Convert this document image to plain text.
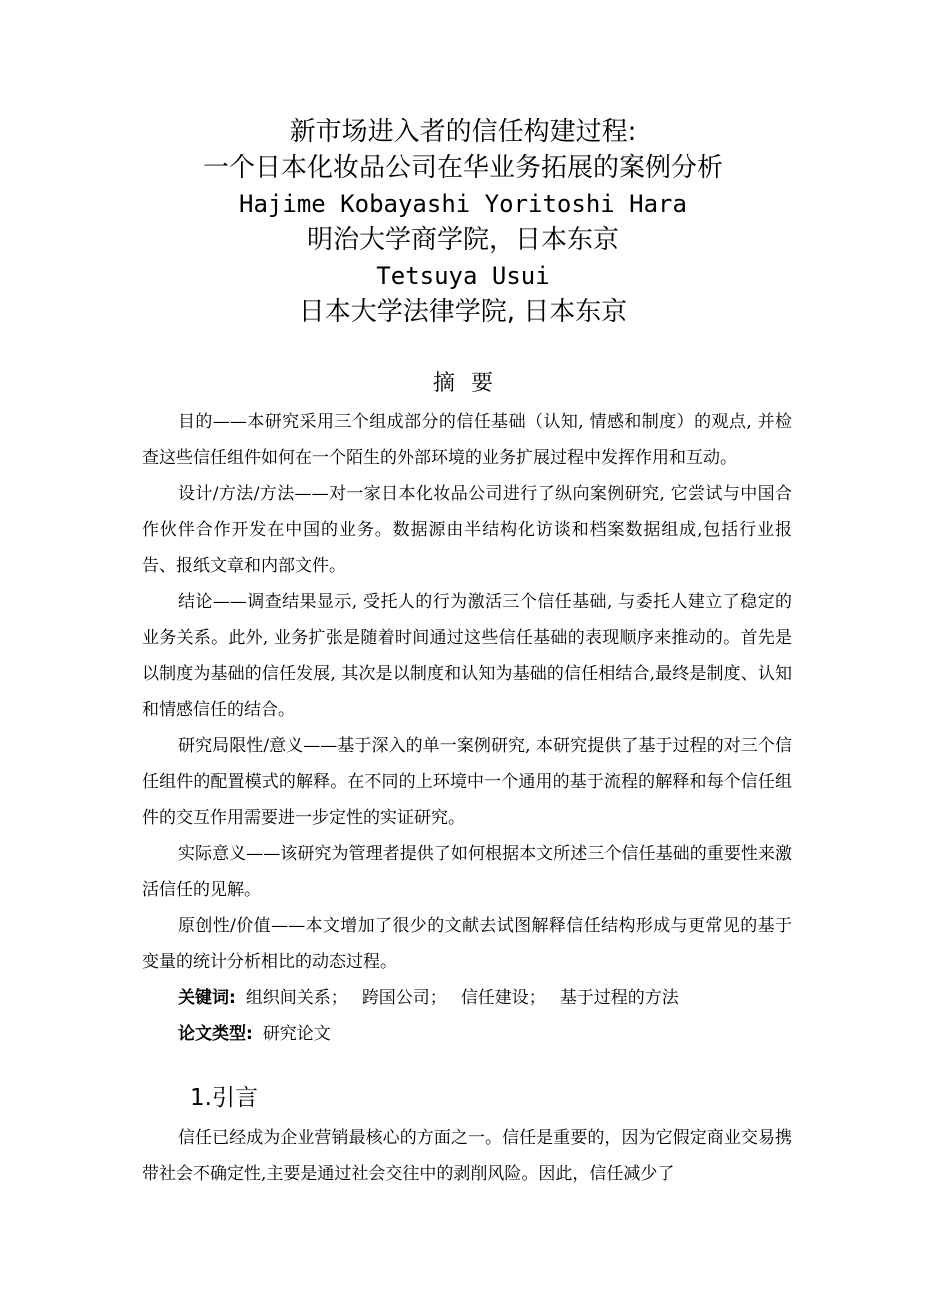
新市场进入者的信任构建过程:
一个日本化妆品公司在华业务拓展的案例分析
Hajime Kobayashi Yoritoshi Hara
明治大学商学院，日本东京
Tetsuya Usui
日本大学法律学院, 日本东京
摘要

目的——本研究采用三个组成部分的信任基础（认知, 情感和制度）的观点, 并检查这些信任组件如何在一个陌生的外部环境的业务扩展过程中发挥作用和互动。

设计/方法/方法——对一家日本化妆品公司进行了纵向案例研究, 它尝试与中国合作伙伴合作开发在中国的业务。数据源由半结构化访谈和档案数据组成,包括行业报告、报纸文章和内部文件。

结论——调查结果显示, 受托人的行为激活三个信任基础, 与委托人建立了稳定的业务关系。此外, 业务扩张是随着时间通过这些信任基础的表现顺序来推动的。首先是以制度为基础的信任发展, 其次是以制度和认知为基础的信任相结合,最终是制度、认知和情感信任的结合。

研究局限性/意义——基于深入的单一案例研究, 本研究提供了基于过程的对三个信任组件的配置模式的解释。在不同的上环境中一个通用的基于流程的解释和每个信任组件的交互作用需要进一步定性的实证研究。

实际意义——该研究为管理者提供了如何根据本文所述三个信任基础的重要性来激活信任的见解。

原创性/价值——本文增加了很少的文献去试图解释信任结构形成与更常见的基于变量的统计分析相比的动态过程。

关键词: 组织间关系； 跨国公司； 信任建设； 基于过程的方法

论文类型: 研究论文

1.引言

信任已经成为企业营销最核心的方面之一。信任是重要的，因为它假定商业交易携带社会不确定性,主要是通过社会交往中的剥削风险。因此，信任减少了
